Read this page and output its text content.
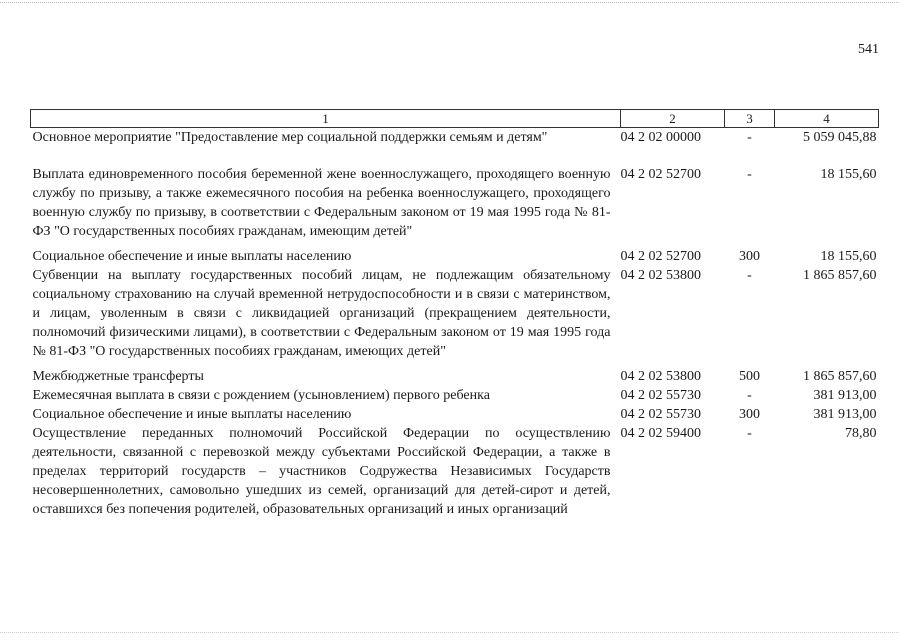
541
1	2	3	4
Основное мероприятие "Предоставление мер социальной поддержки семьям и детям"	04 2 02 00000	-	5 059 045,88
Выплата единовременного пособия беременной жене военнослужащего, проходящего военную службу по призыву, а также ежемесячного пособия на ребенка военнослужащего, проходящего военную службу по призыву, в соответствии с Федеральным законом от 19 мая 1995 года № 81-ФЗ "О государственных пособиях гражданам, имеющим детей"	04 2 02 52700	-	18 155,60
Социальное обеспечение и иные выплаты населению	04 2 02 52700	300	18 155,60
Субвенции на выплату государственных пособий лицам, не подлежащим обязательному социальному страхованию на случай временной нетрудоспособности и в связи с материнством, и лицам, уволенным в связи с ликвидацией организаций (прекращением деятельности, полномочий физическими лицами), в соответствии с Федеральным законом от 19 мая 1995 года № 81-ФЗ "О государственных пособиях гражданам, имеющих детей"	04 2 02 53800	-	1 865 857,60
Межбюджетные трансферты	04 2 02 53800	500	1 865 857,60
Ежемесячная выплата в связи с рождением (усыновлением) первого ребенка	04 2 02 55730	-	381 913,00
Социальное обеспечение и иные выплаты населению	04 2 02 55730	300	381 913,00
Осуществление переданных полномочий Российской Федерации по осуществлению деятельности, связанной с перевозкой между субъектами Российской Федерации, а также в пределах территорий государств – участников Содружества Независимых Государств несовершеннолетних, самовольно ушедших из семей, организаций для детей-сирот и детей, оставшихся без попечения родителей, образовательных организаций и иных организаций	04 2 02 59400	-	78,80
